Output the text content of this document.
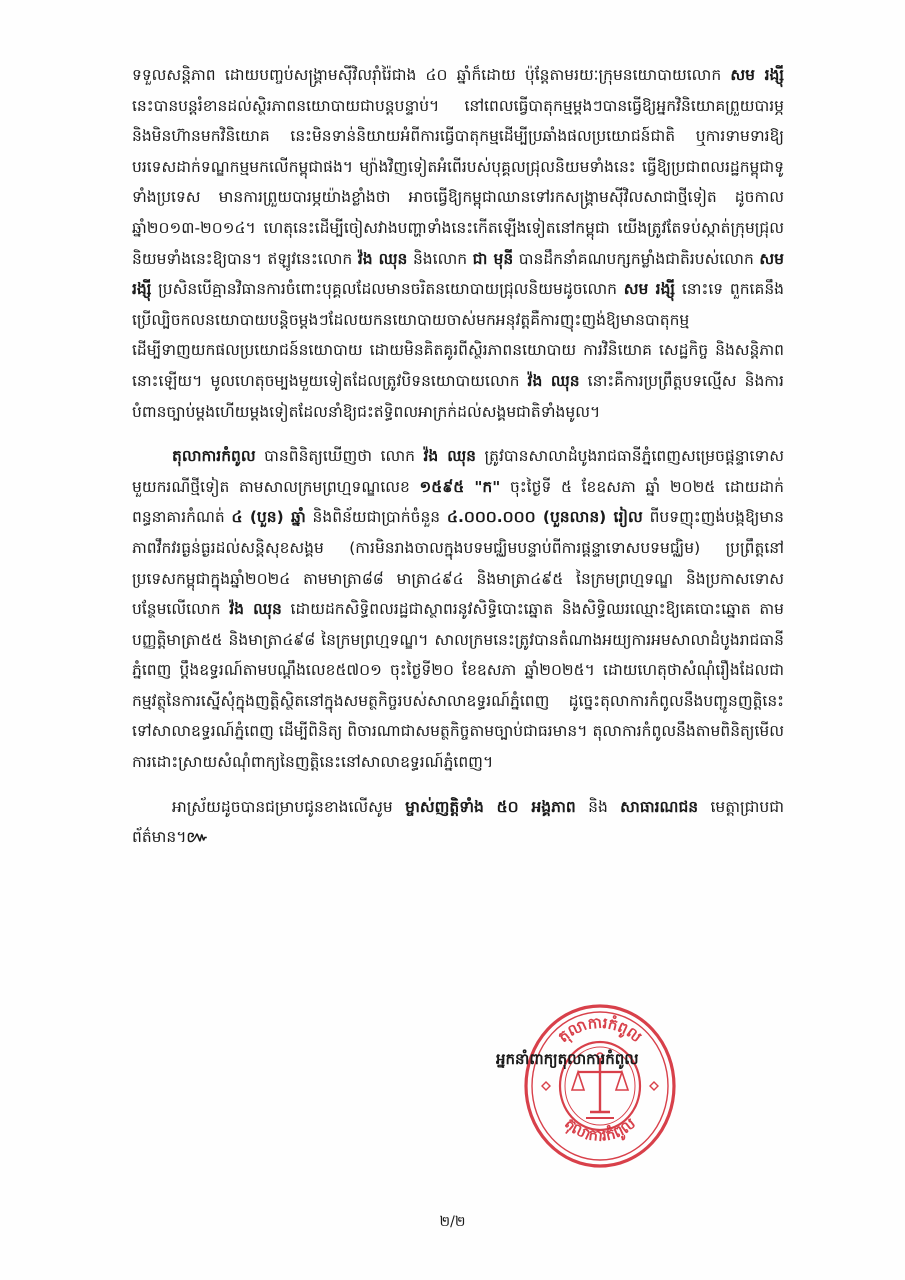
ទទួលសន្តិភាព ដោយបញ្ចប់សង្គ្រាមស៊ីវិលរ៉ាំរ៉ៃជាង ៤០ ឆ្នាំក៏ដោយ ប៉ុន្តែតាមរយៈក្រុមនយោបាយលោក សម រង្ស៊ី នេះបានបន្តរំខានដល់ស្ថិរភាពនយោបាយជាបន្តបន្ទាប់។ នៅពេលធ្វើបាតុកម្មម្ដងៗបានធ្វើឱ្យអ្នកវិនិយោគព្រួយបារម្ភ និងមិនហ៊ានមកវិនិយោគ នេះមិនទាន់និយាយអំពីការធ្វើបាតុកម្មដើម្បីប្រឆាំងផលប្រយោជន៍ជាតិ ឬការទាមទារឱ្យបរទេសដាក់ទណ្ឌកម្មមកលើកម្ពុជាផង។ ម្យ៉ាងវិញទៀតអំពើរបស់បុគ្គលជ្រុលនិយមទាំងនេះ ធ្វើឱ្យប្រជាពលរដ្ឋកម្ពុជាទូទាំងប្រទេស មានការព្រួយបារម្ភយ៉ាងខ្លាំងថា អាចធ្វើឱ្យកម្ពុជាឈានទៅរកសង្គ្រាមស៊ីវិលសាជាថ្មីទៀត ដូចកាលឆ្នាំ២០១៣-២០១៤។ ហេតុនេះដើម្បីចៀសវាងបញ្ហាទាំងនេះកើតឡើងទៀតនៅកម្ពុជា យើងត្រូវតែទប់ស្កាត់ក្រុមជ្រុលនិយមទាំងនេះឱ្យបាន។ ឥឡូវនេះលោក វ៉ង ឈុន និងលោក ជា មុនី បានដឹកនាំគណបក្សកម្លាំងជាតិរបស់លោក សម រង្ស៊ី ប្រសិនបើគ្មានវិធានការចំពោះបុគ្គលដែលមានចរិតនយោបាយជ្រុលនិយមដូចលោក សម រង្ស៊ី នោះទេ ពួកគេនឹងប្រើល្បិចកលនយោបាយបន្តិចម្ដងៗដែលយកនយោបាយចាស់មកអនុវត្តគឺការញុះញង់ឱ្យមានបាតុកម្ម ដើម្បីទាញយកផលប្រយោជន៍នយោបាយ ដោយមិនគិតគូរពីស្ថិរភាពនយោបាយ ការវិនិយោគ សេដ្ឋកិច្ច និងសន្តិភាពនោះឡើយ។ មូលហេតុចម្បងមួយទៀតដែលត្រូវបិទនយោបាយលោក វ៉ង ឈុន នោះគឺការប្រព្រឹត្តបទល្មើស និងការបំពានច្បាប់ម្ដងហើយម្ដងទៀតដែលនាំឱ្យជះឥទ្ធិពលអាក្រក់ដល់សង្គមជាតិទាំងមូល។

តុលាការកំពូល បានពិនិត្យឃើញថា លោក វ៉ង ឈុន ត្រូវបានសាលាដំបូងរាជធានីភ្នំពេញសម្រេចផ្តន្ទាទោសមួយករណីថ្មីទៀត តាមសាលក្រមព្រហ្មទណ្ឌលេខ ១៥៩៥ "ក" ចុះថ្ងៃទី ៥ ខែឧសភា ឆ្នាំ ២០២៥ ដោយដាក់ពន្ធនាគារកំណត់ ៤ (បួន) ឆ្នាំ និងពិន័យជាប្រាក់ចំនួន ៤.០០០.០០០ (បួនលាន) រៀល ពីបទញុះញង់បង្កឱ្យមានភាពវឹកវរធ្ងន់ធ្ងរដល់សន្តិសុខសង្គម (ការមិនរាងចាលក្នុងបទមជ្ឈិមបន្ទាប់ពីការផ្តន្ទាទោសបទមជ្ឈិម) ប្រព្រឹត្តនៅប្រទេសកម្ពុជាក្នុងឆ្នាំ២០២៤ តាមមាត្រា៨៨ មាត្រា៤៩៤ និងមាត្រា៤៩៥ នៃក្រមព្រហ្មទណ្ឌ និងប្រកាសទោសបន្ថែមលើលោក វ៉ង ឈុន ដោយដកសិទ្ធិពលរដ្ឋជាស្ថាពរនូវសិទ្ធិបោះឆ្នោត និងសិទ្ធិឈរឈ្មោះឱ្យគេបោះឆ្នោត តាមបញ្ញត្តិមាត្រា៥៥ និងមាត្រា៤៩៨ នៃក្រមព្រហ្មទណ្ឌ។ សាលក្រមនេះត្រូវបានតំណាងអយ្យការអមសាលាដំបូងរាជធានីភ្នំពេញ ប្តឹងឧទ្ធរណ៍តាមបណ្តឹងលេខ៥៧០១ ចុះថ្ងៃទី២០ ខែឧសភា ឆ្នាំ២០២៥។ ដោយហេតុថាសំណុំរឿងដែលជាកម្មវត្ថុនៃការស្នើសុំក្នុងញត្តិស្ថិតនៅក្នុងសមត្ថកិច្ចរបស់សាលាឧទ្ធរណ៍ភ្នំពេញ ដូច្នេះតុលាការកំពូលនឹងបញ្ជូនញត្តិនេះទៅសាលាឧទ្ធរណ៍ភ្នំពេញ ដើម្បីពិនិត្យ ពិចារណាជាសមត្ថកិច្ចតាមច្បាប់ជាធរមាន។ តុលាការកំពូលនឹងតាមពិនិត្យមើលការដោះស្រាយសំណុំពាក្យនៃញត្តិនេះនៅសាលាឧទ្ធរណ៍ភ្នំពេញ។

អាស្រ័យដូចបានជម្រាបជូនខាងលើសូម ម្ចាស់ញត្តិទាំង ៥០ អង្គភាព និង សាធារណជន មេត្តាជ្រាបជាព័ត៌មាន។៚

តុលាការកំពូល
តុលាការកំពូល
អ្នកនាំពាក្យតុលាការកំពូល
២/២
